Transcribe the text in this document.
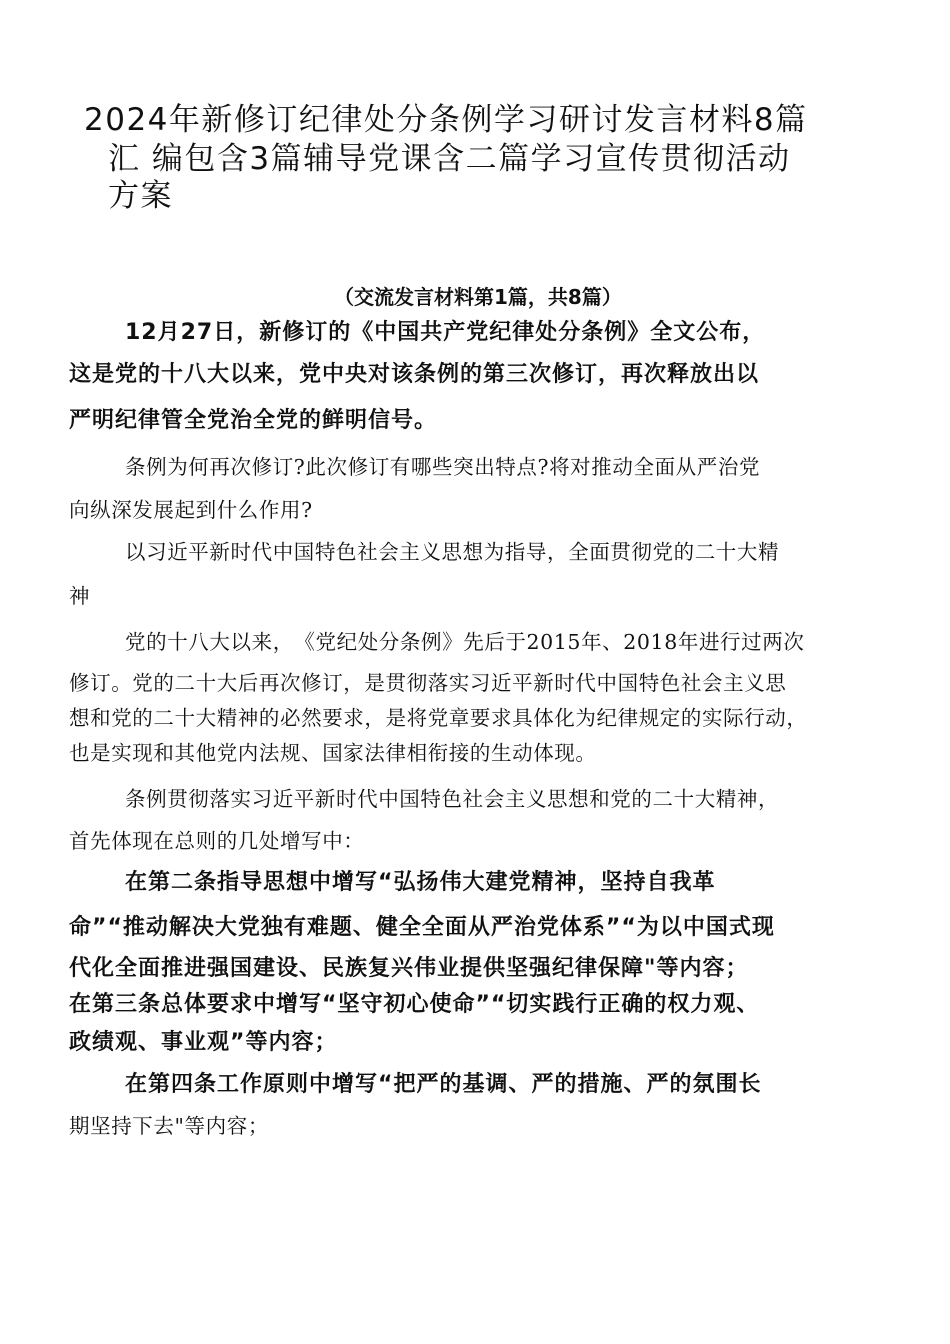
2024年新修订纪律处分条例学习研讨发言材料8篇
汇 编包含3篇辅导党课含二篇学习宣传贯彻活动
方案
（交流发言材料第1篇，共8篇）
12月27日，新修订的《中国共产党纪律处分条例》全文公布，
这是党的十八大以来，党中央对该条例的第三次修订，再次释放出以
严明纪律管全党治全党的鲜明信号。
条例为何再次修订?此次修订有哪些突出特点?将对推动全面从严治党
向纵深发展起到什么作用?
以习近平新时代中国特色社会主义思想为指导，全面贯彻党的二十大精
神
党的十八大以来，　《党纪处分条例》先后于2015年、2018年进行过两次
修订。党的二十大后再次修订，是贯彻落实习近平新时代中国特色社会主义思
想和党的二十大精神的必然要求，是将党章要求具体化为纪律规定的实际行动，
也是实现和其他党内法规、国家法律相衔接的生动体现。
条例贯彻落实习近平新时代中国特色社会主义思想和党的二十大精神，
首先体现在总则的几处增写中：
在第二条指导思想中增写“弘扬伟大建党精神，坚持自我革
命”“推动解决大党独有难题、健全全面从严治党体系”“为以中国式现
代化全面推进强国建设、民族复兴伟业提供坚强纪律保障"等内容；
在第三条总体要求中增写“坚守初心使命”“切实践行正确的权力观、
政绩观、事业观”等内容；
在第四条工作原则中增写“把严的基调、严的措施、严的氛围长
期坚持下去"等内容；
